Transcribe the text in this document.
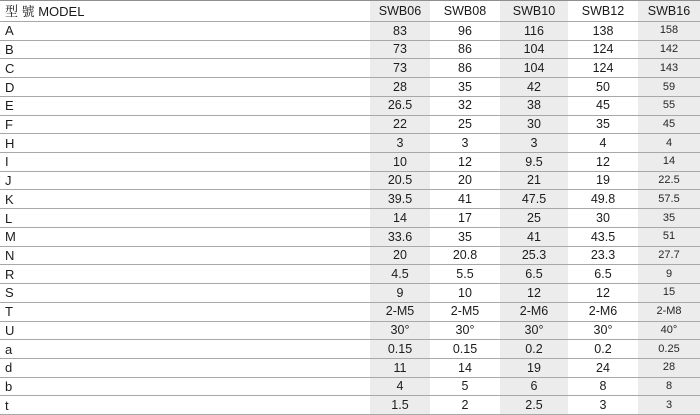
型 號 MODEL	SWB06	SWB08	SWB10	SWB12	SWB16
A	83	96	116	138	158
B	73	86	104	124	142
C	73	86	104	124	143
D	28	35	42	50	59
E	26.5	32	38	45	55
F	22	25	30	35	45
H	3	3	3	4	4
I	10	12	9.5	12	14
J	20.5	20	21	19	22.5
K	39.5	41	47.5	49.8	57.5
L	14	17	25	30	35
M	33.6	35	41	43.5	51
N	20	20.8	25.3	23.3	27.7
R	4.5	5.5	6.5	6.5	9
S	9	10	12	12	15
T	2-M5	2-M5	2-M6	2-M6	2-M8
U	30°	30°	30°	30°	40°
a	0.15	0.15	0.2	0.2	0.25
d	11	14	19	24	28
b	4	5	6	8	8
t	1.5	2	2.5	3	3
